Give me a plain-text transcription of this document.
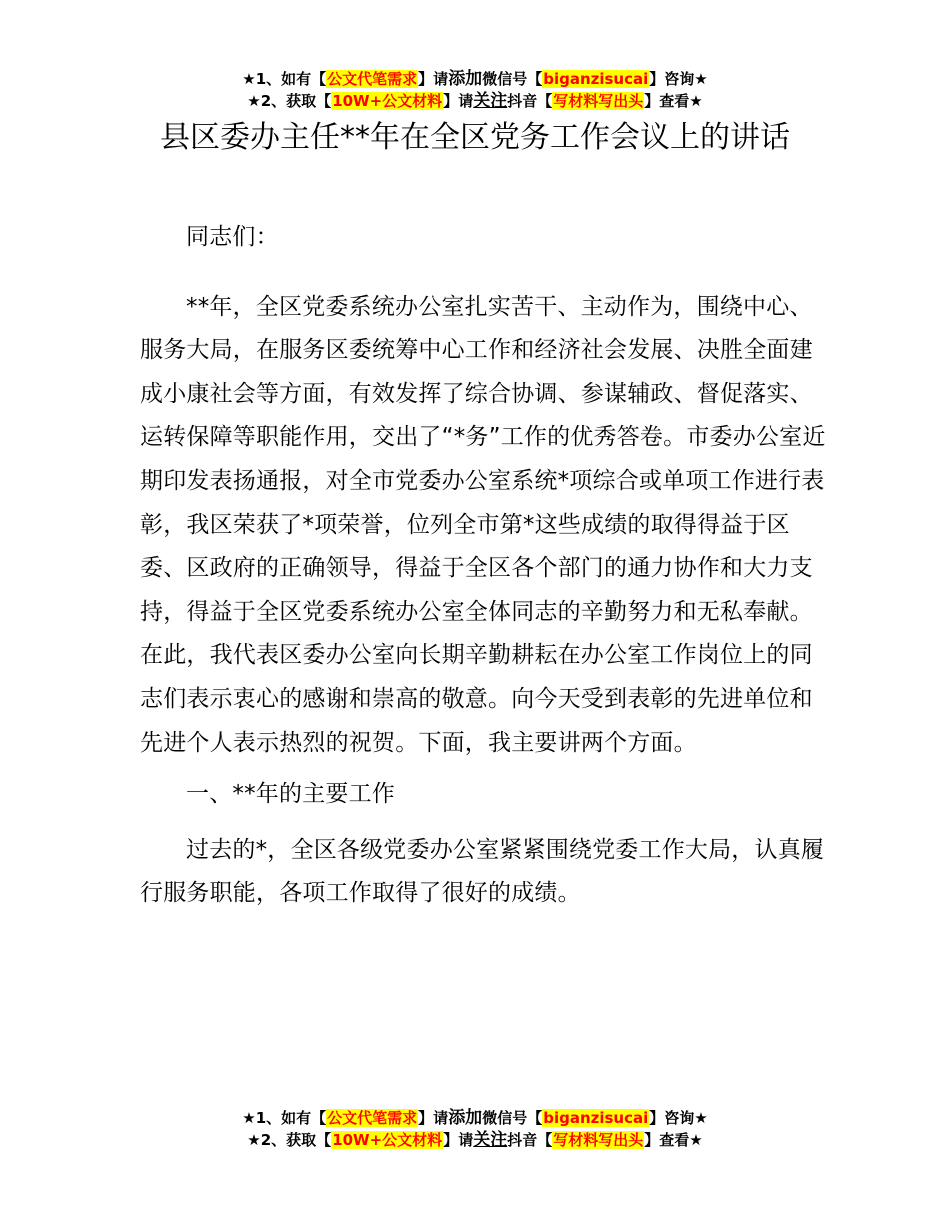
★1、如有【公文代笔需求】请添加微信号【biganzisucai】咨询★
★2、获取【10W+公文材料】请关注抖音【写材料写出头】查看★
县区委办主任**年在全区党务工作会议上的讲话

同志们：

**年，全区党委系统办公室扎实苦干、主动作为，围绕中心、服务大局，在服务区委统筹中心工作和经济社会发展、决胜全面建成小康社会等方面，有效发挥了综合协调、参谋辅政、督促落实、运转保障等职能作用，交出了“*务”工作的优秀答卷。市委办公室近期印发表扬通报，对全市党委办公室系统*项综合或单项工作进行表彰，我区荣获了*项荣誉，位列全市第*这些成绩的取得得益于区委、区政府的正确领导，得益于全区各个部门的通力协作和大力支持，得益于全区党委系统办公室全体同志的辛勤努力和无私奉献。在此，我代表区委办公室向长期辛勤耕耘在办公室工作岗位上的同志们表示衷心的感谢和崇高的敬意。向今天受到表彰的先进单位和先进个人表示热烈的祝贺。下面，我主要讲两个方面。

一、**年的主要工作

过去的*，全区各级党委办公室紧紧围绕党委工作大局，认真履行服务职能，各项工作取得了很好的成绩。

★1、如有【公文代笔需求】请添加微信号【biganzisucai】咨询★
★2、获取【10W+公文材料】请关注抖音【写材料写出头】查看★
